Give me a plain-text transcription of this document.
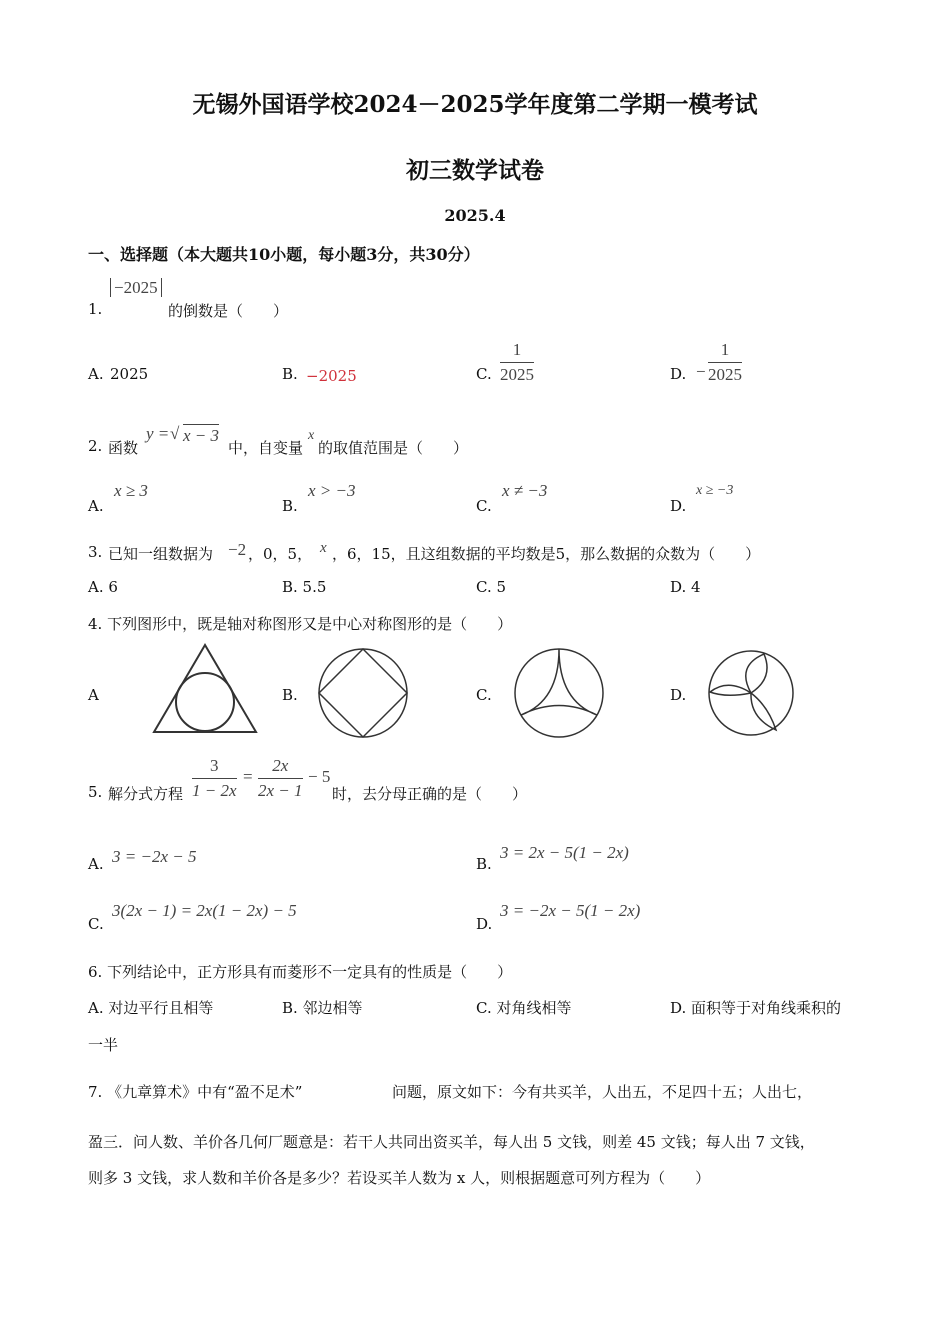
无锡外国语学校2024－2025学年度第二学期一模考试
初三数学试卷
2025.4
一、选择题（本大题共10小题，每小题3分，共30分）
1.
−2025
的倒数是（　　）
A. 2025	B. −2025	C.
1
2025	D. −
1
2025
2. 函数
y = √ x − 3
中，自变量
x
的取值范围是（　　）
A.
x ≥ 3
B.
x > −3
C.
x ≠ −3
D.
x ≥ −3
3. 已知一组数据为 −2 ，0，5， x ，6，15，且这组数据的平均数是5，那么数据的众数为（　　）
A. 6	B. 5.5	C. 5	D. 4
4. 下列图形中，既是轴对称图形又是中心对称图形的是（　　）
A	B.	C.	D.
5. 解分式方程
3
1 − 2x
=
2x
2x − 1
− 5
时，去分母正确的是（　　）
A. 3 = −2x − 5	B.
3 = 2x − 5(1 − 2x)
C.
3(2x − 1) = 2x(1 − 2x) − 5
D.
3 = −2x − 5(1 − 2x)
6. 下列结论中，正方形具有而菱形不一定具有的性质是（　　）
A. 对边平行且相等	B. 邻边相等	C. 对角线相等	D. 面积等于对角线乘积的
一半
7. 《九章算术》中有“盈不足术”	问题，原文如下：今有共买羊，人出五，不足四十五；人出七，
盈三．问人数、羊价各几何厂题意是：若干人共同出资买羊，每人出 5 文钱，则差 45 文钱；每人出 7 文钱，
则多 3 文钱，求人数和羊价各是多少？若设买羊人数为 x 人，则根据题意可列方程为（　　）
